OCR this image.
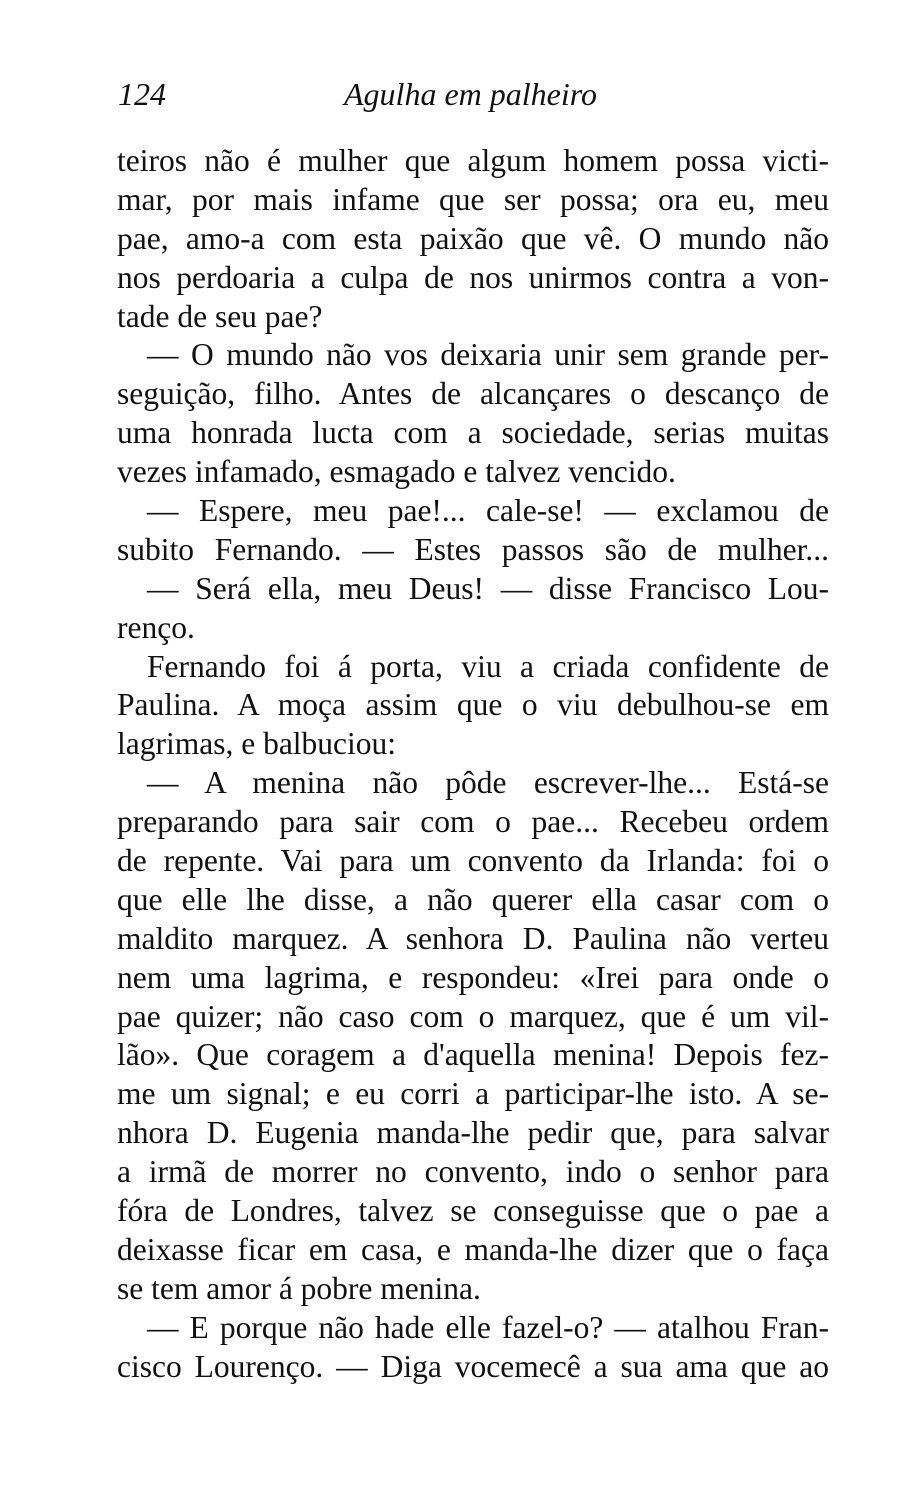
124	Agulha em palheiro
teiros não é mulher que algum homem possa victi-
mar, por mais infame que ser possa; ora eu, meu
pae, amo-a com esta paixão que vê. O mundo não
nos perdoaria a culpa de nos unirmos contra a von-
tade de seu pae?
— O mundo não vos deixaria unir sem grande per-
seguição, filho. Antes de alcançares o descanço de
uma honrada lucta com a sociedade, serias muitas
vezes infamado, esmagado e talvez vencido.
— Espere, meu pae!... cale-se! — exclamou de
subito Fernando. — Estes passos são de mulher...
— Será ella, meu Deus! — disse Francisco Lou-
renço.
Fernando foi á porta, viu a criada confidente de
Paulina. A moça assim que o viu debulhou-se em
lagrimas, e balbuciou:
— A menina não pôde escrever-lhe... Está-se
preparando para sair com o pae... Recebeu ordem
de repente. Vai para um convento da Irlanda: foi o
que elle lhe disse, a não querer ella casar com o
maldito marquez. A senhora D. Paulina não verteu
nem uma lagrima, e respondeu: «Irei para onde o
pae quizer; não caso com o marquez, que é um vil-
lão». Que coragem a d'aquella menina! Depois fez-
me um signal; e eu corri a participar-lhe isto. A se-
nhora D. Eugenia manda-lhe pedir que, para salvar
a irmã de morrer no convento, indo o senhor para
fóra de Londres, talvez se conseguisse que o pae a
deixasse ficar em casa, e manda-lhe dizer que o faça
se tem amor á pobre menina.
— E porque não hade elle fazel-o? — atalhou Fran-
cisco Lourenço. — Diga vocemecê a sua ama que ao
